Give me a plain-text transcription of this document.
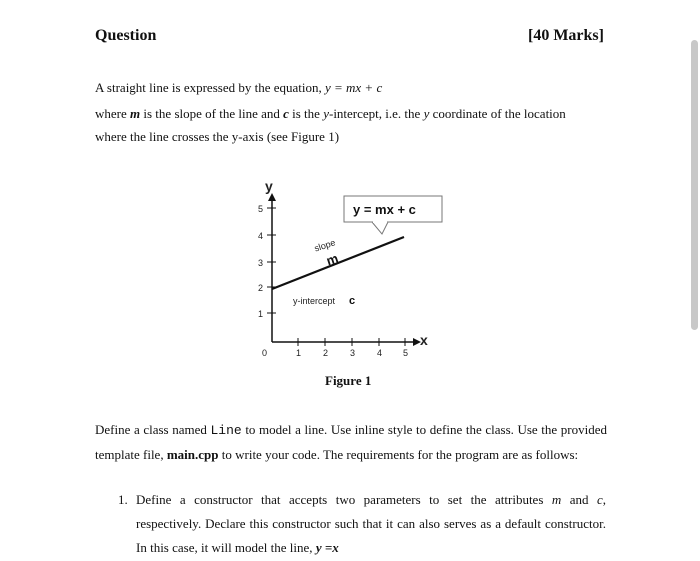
Question	[40 Marks]
A straight line is expressed by the equation, y = mx + c
where m is the slope of the line and c is the y-intercept, i.e. the y coordinate of the location
where the line crosses the y-axis (see Figure 1)
y
x
5
4
3
2
1
1 2 3 4 5
0
y = mx + c
slope
m
y-intercept c
Figure 1
Define a class named Line to model a line. Use inline style to define the class. Use the provided template file, main.cpp to write your code. The requirements for the program are as follows:
1. Define a constructor that accepts two parameters to set the attributes m and c, respectively. Declare this constructor such that it can also serves as a default constructor. In this case, it will model the line, y =x
